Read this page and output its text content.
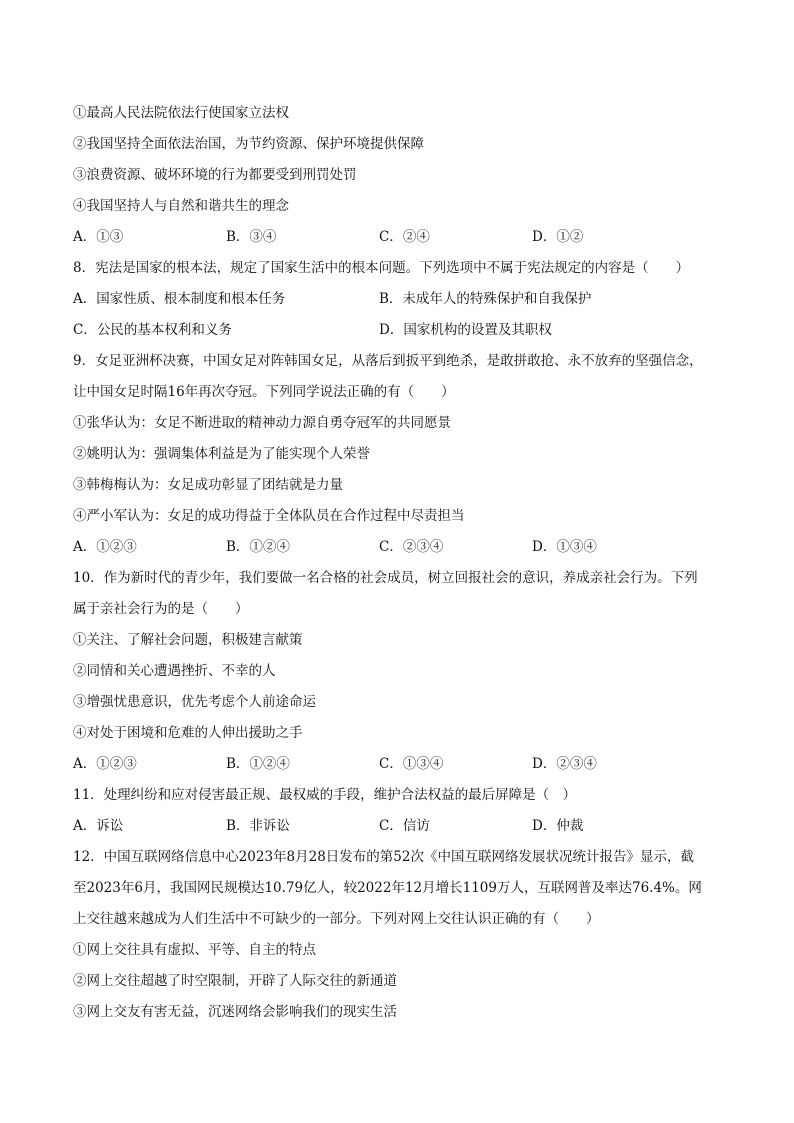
①最高人民法院依法行使国家立法权
②我国坚持全面依法治国，为节约资源、保护环境提供保障
③浪费资源、破坏环境的行为都要受到刑罚处罚
④我国坚持人与自然和谐共生的理念
A．①③	B．③④	C．②④	D．①②
8．宪法是国家的根本法，规定了国家生活中的根本问题。下列选项中不属于宪法规定的内容是（　　）
A．国家性质、根本制度和根本任务	B．未成年人的特殊保护和自我保护
C．公民的基本权利和义务	D．国家机构的设置及其职权
9．女足亚洲杯决赛，中国女足对阵韩国女足，从落后到扳平到绝杀，是敢拼敢抢、永不放弃的坚强信念，
让中国女足时隔16年再次夺冠。下列同学说法正确的有（　　）
①张华认为：女足不断进取的精神动力源自勇夺冠军的共同愿景
②姚明认为：强调集体利益是为了能实现个人荣誉
③韩梅梅认为：女足成功彰显了团结就是力量
④严小军认为：女足的成功得益于全体队员在合作过程中尽责担当
A．①②③	B．①②④	C．②③④	D．①③④
10．作为新时代的青少年，我们要做一名合格的社会成员，树立回报社会的意识，养成亲社会行为。下列
属于亲社会行为的是（　　）
①关注、了解社会问题，积极建言献策
②同情和关心遭遇挫折、不幸的人
③增强忧患意识，优先考虑个人前途命运
④对处于困境和危难的人伸出援助之手
A．①②③	B．①②④	C．①③④	D．②③④
11．处理纠纷和应对侵害最正规、最权威的手段，维护合法权益的最后屏障是（　）
A．诉讼	B．非诉讼	C．信访	D．仲裁
12．中国互联网络信息中心2023年8月28日发布的第52次《中国互联网络发展状况统计报告》显示，截
至2023年6月，我国网民规模达10.79亿人，较2022年12月增长1109万人，互联网普及率达76.4%。网
上交往越来越成为人们生活中不可缺少的一部分。下列对网上交往认识正确的有（　　）
①网上交往具有虚拟、平等、自主的特点
②网上交往超越了时空限制，开辟了人际交往的新通道
③网上交友有害无益，沉迷网络会影响我们的现实生活
